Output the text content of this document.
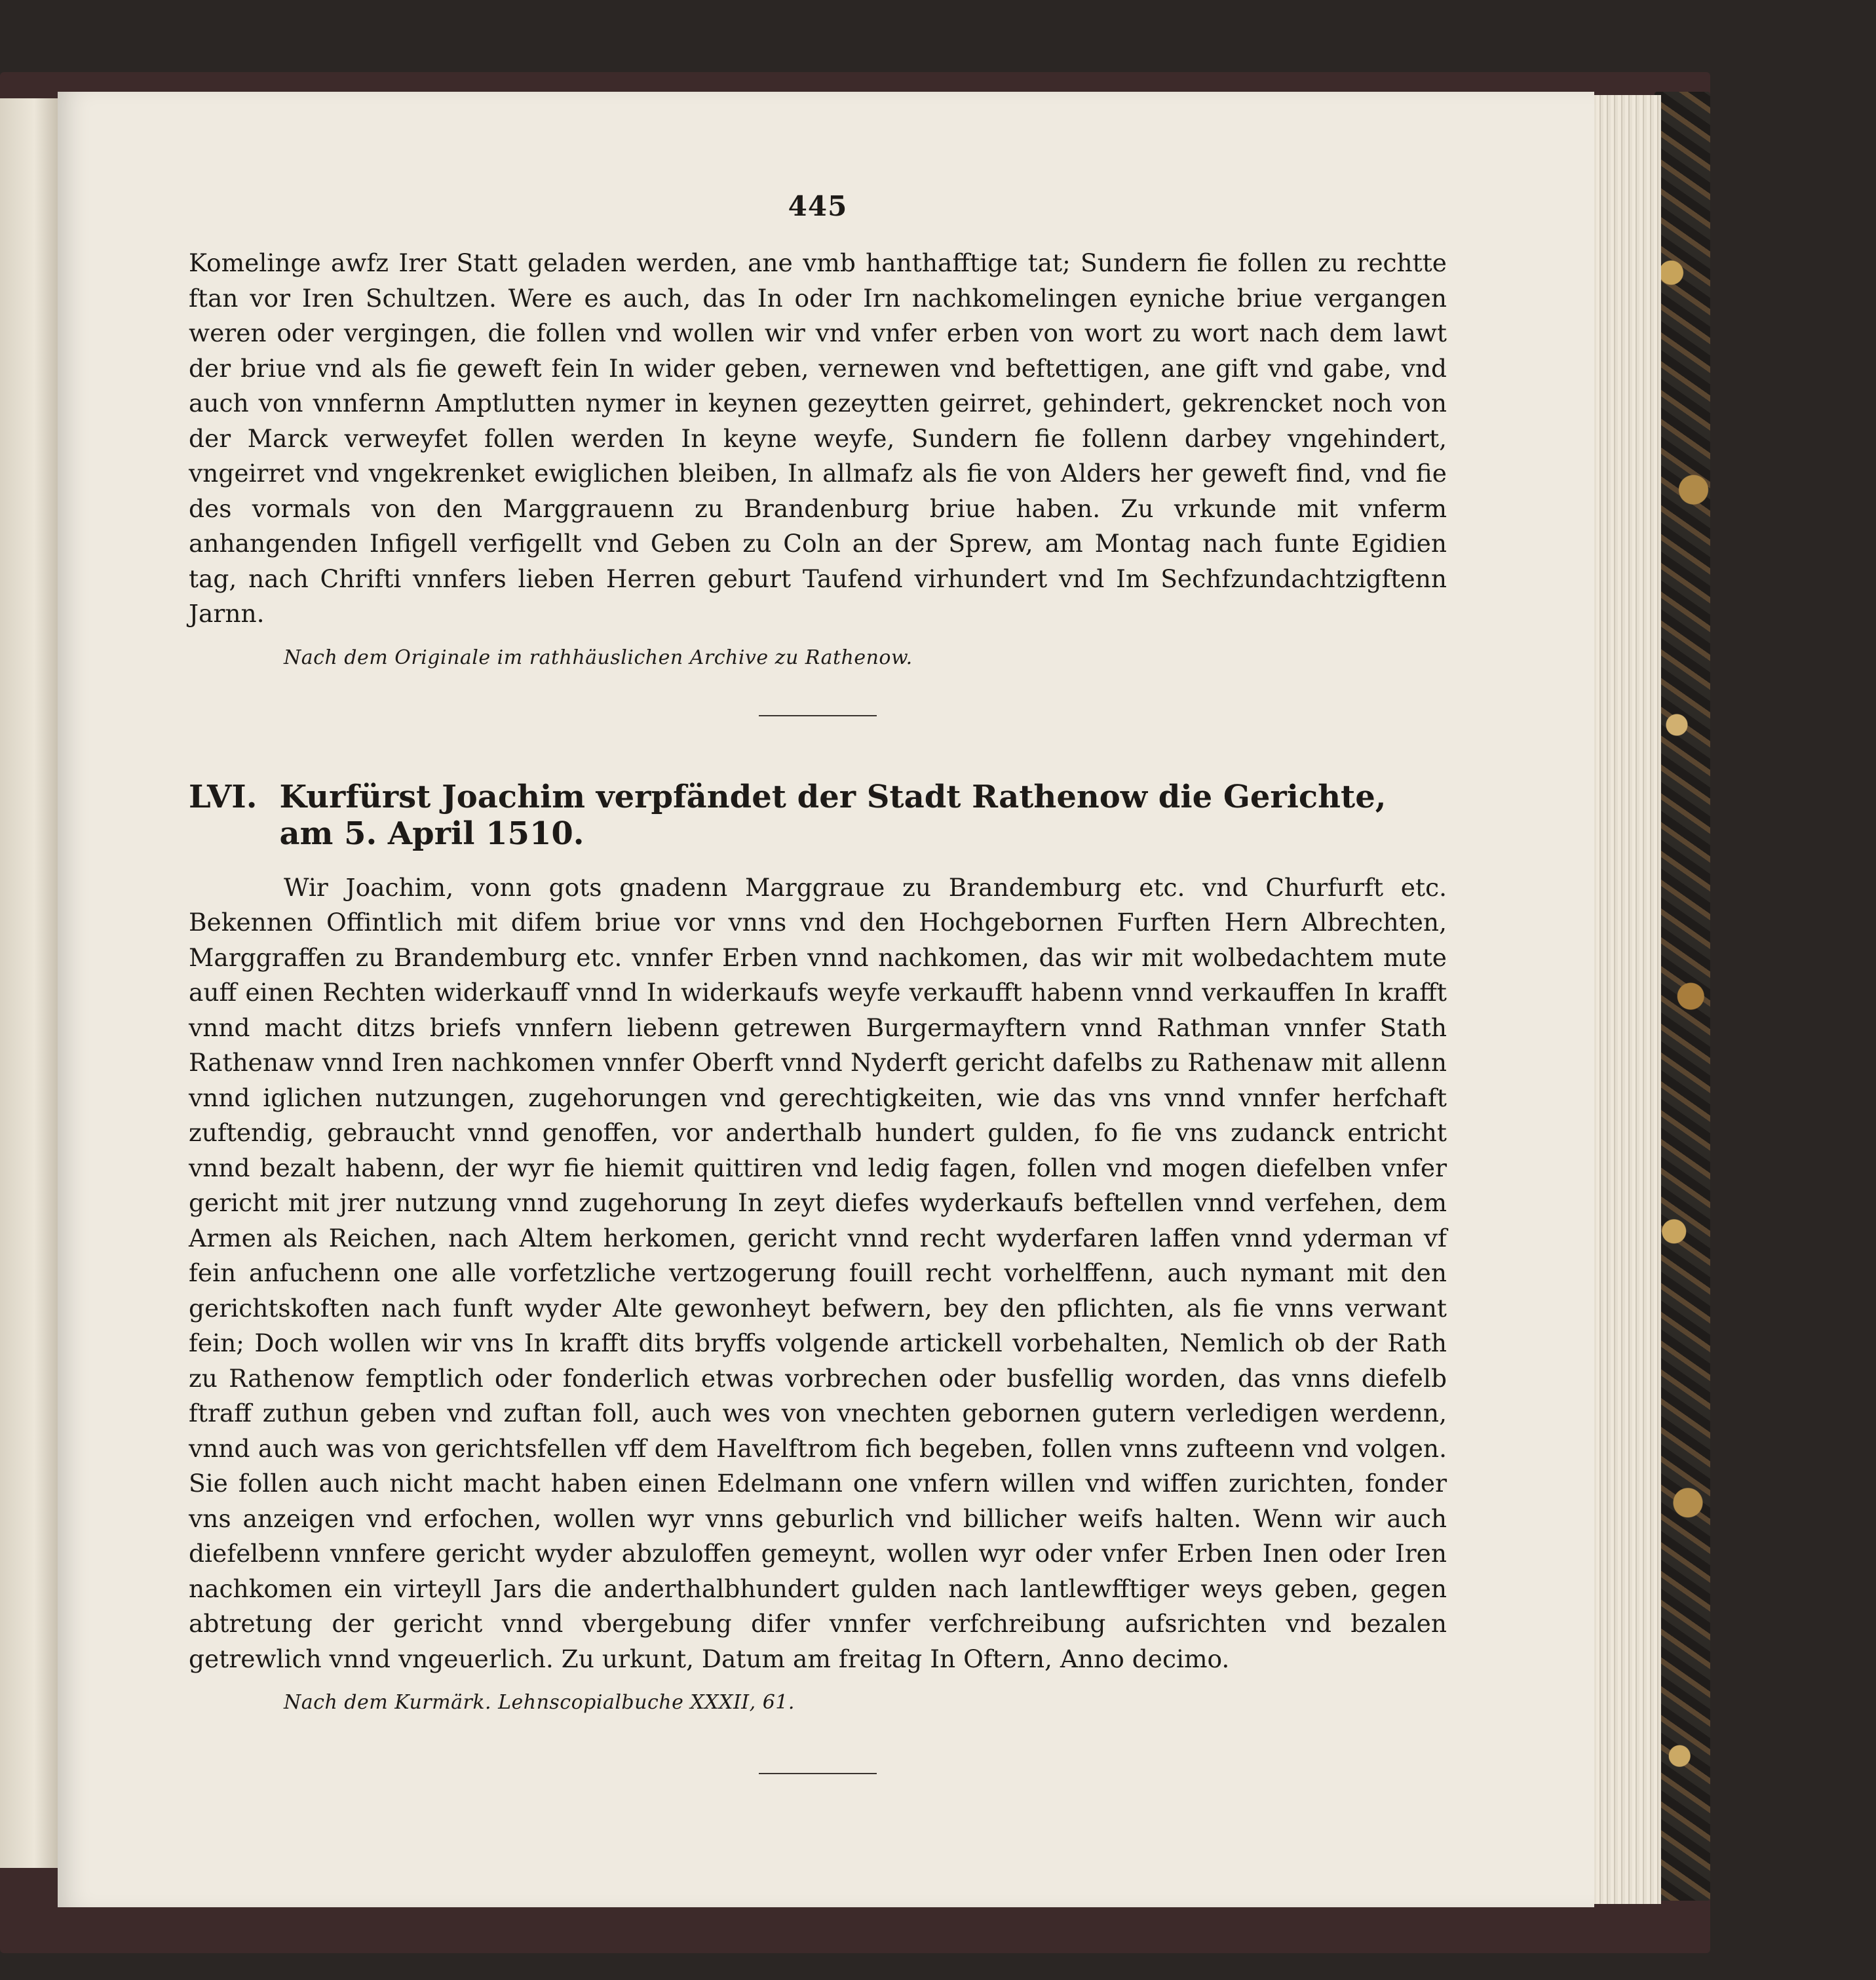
445

Komelinge awfz Irer Statt geladen werden, ane vmb hanthafftige tat; Sundern fie follen zu rechtte ftan vor Iren Schultzen. Were es auch, das In oder Irn nachkomelingen eyniche briue vergangen weren oder vergingen, die follen vnd wollen wir vnd vnfer erben von wort zu wort nach dem lawt der briue vnd als fie geweft fein In wider geben, vernewen vnd beftettigen, ane gift vnd gabe, vnd auch von vnnfernn Amptlutten nymer in keynen gezeytten geirret, gehindert, gekrencket noch von der Marck verweyfet follen werden In keyne weyfe, Sundern fie follenn darbey vngehindert, vngeirret vnd vngekrenket ewiglichen bleiben, In allmafz als fie von Alders her geweft find, vnd fie des vormals von den Marggrauenn zu Brandenburg briue haben. Zu vrkunde mit vnferm anhangenden Infigell verfigellt vnd Geben zu Coln an der Sprew, am Montag nach funte Egidien tag, nach Chrifti vnnfers lieben Herren geburt Taufend virhundert vnd Im Sechfzundachtzigftenn Jarnn.

Nach dem Originale im rathhäuslichen Archive zu Rathenow.
LVI. Kurfürst Joachim verpfändet der Stadt Rathenow die Gerichte, am 5. April 1510.

Wir Joachim, vonn gots gnadenn Marggraue zu Brandemburg etc. vnd Churfurft etc. Bekennen Offintlich mit difem briue vor vnns vnd den Hochgebornen Furften Hern Albrechten, Marggraffen zu Brandemburg etc. vnnfer Erben vnnd nachkomen, das wir mit wolbedachtem mute auff einen Rechten widerkauff vnnd In widerkaufs weyfe verkaufft habenn vnnd verkauffen In krafft vnnd macht ditzs briefs vnnfern liebenn getrewen Burgermayftern vnnd Rathman vnnfer Stath Rathenaw vnnd Iren nachkomen vnnfer Oberft vnnd Nyderft gericht dafelbs zu Rathenaw mit allenn vnnd iglichen nutzungen, zugehorungen vnd gerechtigkeiten, wie das vns vnnd vnnfer herfchaft zuftendig, gebraucht vnnd genoffen, vor anderthalb hundert gulden, fo fie vns zudanck entricht vnnd bezalt habenn, der wyr fie hiemit quittiren vnd ledig fagen, follen vnd mogen diefelben vnfer gericht mit jrer nutzung vnnd zugehorung In zeyt diefes wyderkaufs beftellen vnnd verfehen, dem Armen als Reichen, nach Altem herkomen, gericht vnnd recht wyderfaren laffen vnnd yderman vf fein anfuchenn one alle vorfetzliche vertzogerung fouill recht vorhelffenn, auch nymant mit den gerichtskoften nach funft wyder Alte gewonheyt befwern, bey den pflichten, als fie vnns verwant fein; Doch wollen wir vns In krafft dits bryffs volgende artickell vorbehalten, Nemlich ob der Rath zu Rathenow femptlich oder fonderlich etwas vorbrechen oder busfellig worden, das vnns diefelb ftraff zuthun geben vnd zuftan foll, auch wes von vnechten gebornen gutern verledigen werdenn, vnnd auch was von gerichtsfellen vff dem Havelftrom fich begeben, follen vnns zufteenn vnd volgen. Sie follen auch nicht macht haben einen Edelmann one vnfern willen vnd wiffen zurichten, fonder vns anzeigen vnd erfochen, wollen wyr vnns geburlich vnd billicher weifs halten. Wenn wir auch diefelbenn vnnfere gericht wyder abzuloffen gemeynt, wollen wyr oder vnfer Erben Inen oder Iren nachkomen ein virteyll Jars die anderthalbhundert gulden nach lantlewfftiger weys geben, gegen abtretung der gericht vnnd vbergebung difer vnnfer verfchreibung aufsrichten vnd bezalen getrewlich vnnd vngeuerlich. Zu urkunt, Datum am freitag In Oftern, Anno decimo.

Nach dem Kurmärk. Lehnscopialbuche XXXII, 61.
